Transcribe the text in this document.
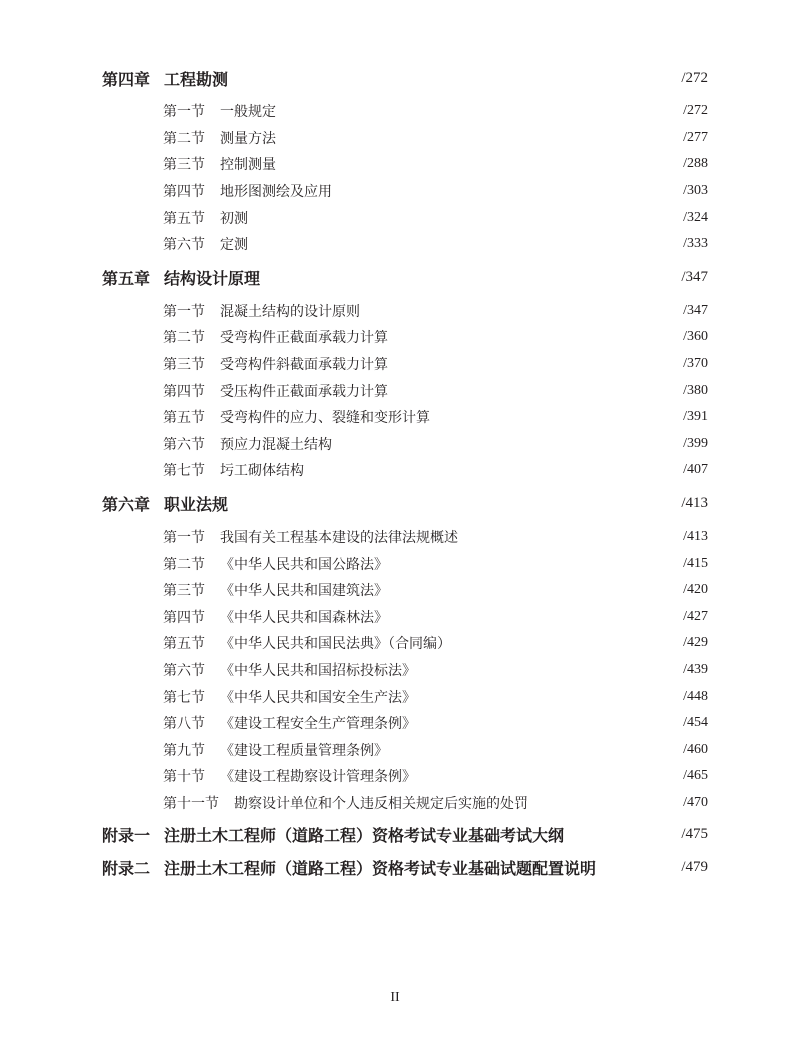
第四章 工程勘测	/272
第一节 一般规定	/272
第二节 测量方法	/277
第三节 控制测量	/288
第四节 地形图测绘及应用	/303
第五节 初测	/324
第六节 定测	/333
第五章 结构设计原理	/347
第一节 混凝土结构的设计原则	/347
第二节 受弯构件正截面承载力计算	/360
第三节 受弯构件斜截面承载力计算	/370
第四节 受压构件正截面承载力计算	/380
第五节 受弯构件的应力、裂缝和变形计算	/391
第六节 预应力混凝土结构	/399
第七节 圬工砌体结构	/407
第六章 职业法规	/413
第一节 我国有关工程基本建设的法律法规概述	/413
第二节 《中华人民共和国公路法》	/415
第三节 《中华人民共和国建筑法》	/420
第四节 《中华人民共和国森林法》	/427
第五节 《中华人民共和国民法典》（合同编）	/429
第六节 《中华人民共和国招标投标法》	/439
第七节 《中华人民共和国安全生产法》	/448
第八节 《建设工程安全生产管理条例》	/454
第九节 《建设工程质量管理条例》	/460
第十节 《建设工程勘察设计管理条例》	/465
第十一节 勘察设计单位和个人违反相关规定后实施的处罚	/470
附录一 注册土木工程师（道路工程）资格考试专业基础考试大纲	/475
附录二 注册土木工程师（道路工程）资格考试专业基础试题配置说明	/479
II
